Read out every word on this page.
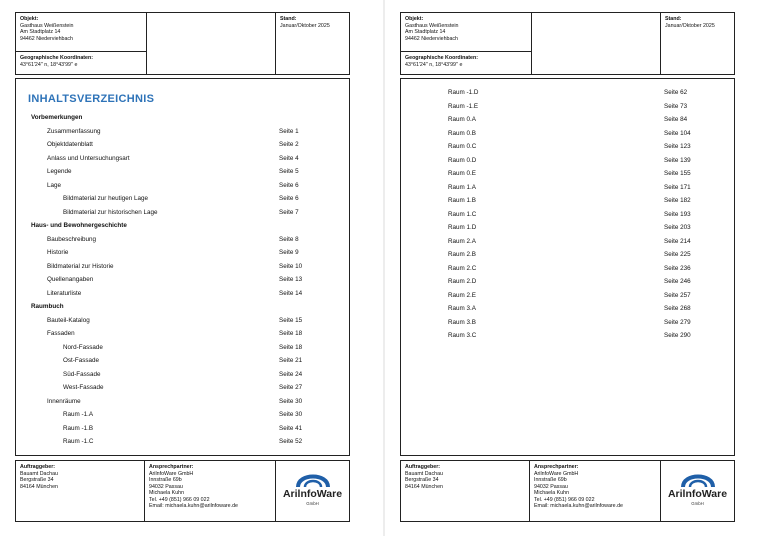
Objekt:
Gasthaus Weißenstein
Am Stadtplatz 14
94462 Niederviehbach
Stand:
Januar/Oktober 2025
Geographische Koordinaten:
43°61'24'' n, 18°43'99'' e
INHALTSVERZEICHNIS
Vorbemerkungen
Zusammenfassung	Seite 1
Objektdatenblatt	Seite 2
Anlass und Untersuchungsart	Seite 4
Legende	Seite 5
Lage	Seite 6
Bildmaterial zur heutigen Lage	Seite 6
Bildmaterial zur historischen Lage	Seite 7
Haus- und Bewohnergeschichte
Baubeschreibung	Seite 8
Historie	Seite 9
Bildmaterial zur Historie	Seite 10
Quellenangaben	Seite 13
Literaturliste	Seite 14
Raumbuch
Bauteil-Katalog	Seite 15
Fassaden	Seite 18
Nord-Fassade	Seite 18
Ost-Fassade	Seite 21
Süd-Fassade	Seite 24
West-Fassade	Seite 27
Innenräume	Seite 30
Raum -1.A	Seite 30
Raum -1.B	Seite 41
Raum -1.C	Seite 52
Auftraggeber:
Bauamt Dachau
Bergstraße 34
84164 München
Ansprechpartner:
ArilnfoWare GmbH
Innstraße 69b
94032 Passau
Michaela Kuhn
Tel. +49 (851) 966 09 022
Email: michaela.kuhn@arilnfoware.de
ArilnfoWare
GmbH
Objekt:
Gasthaus Weißenstein
Am Stadtplatz 14
94462 Niederviehbach
Stand:
Januar/Oktober 2025
Geographische Koordinaten:
43°61'24'' n, 18°43'99'' e
Raum -1.D	Seite 62
Raum -1.E	Seite 73
Raum 0.A	Seite 84
Raum 0.B	Seite 104
Raum 0.C	Seite 123
Raum 0.D	Seite 139
Raum 0.E	Seite 155
Raum 1.A	Seite 171
Raum 1.B	Seite 182
Raum 1.C	Seite 193
Raum 1.D	Seite 203
Raum 2.A	Seite 214
Raum 2.B	Seite 225
Raum 2.C	Seite 236
Raum 2.D	Seite 246
Raum 2.E	Seite 257
Raum 3.A	Seite 268
Raum 3.B	Seite 279
Raum 3.C	Seite 290
Auftraggeber:
Bauamt Dachau
Bergstraße 34
84164 München
Ansprechpartner:
ArilnfoWare GmbH
Innstraße 69b
94032 Passau
Michaela Kuhn
Tel. +49 (851) 966 09 022
Email: michaela.kuhn@arilnfoware.de
ArilnfoWare
GmbH
